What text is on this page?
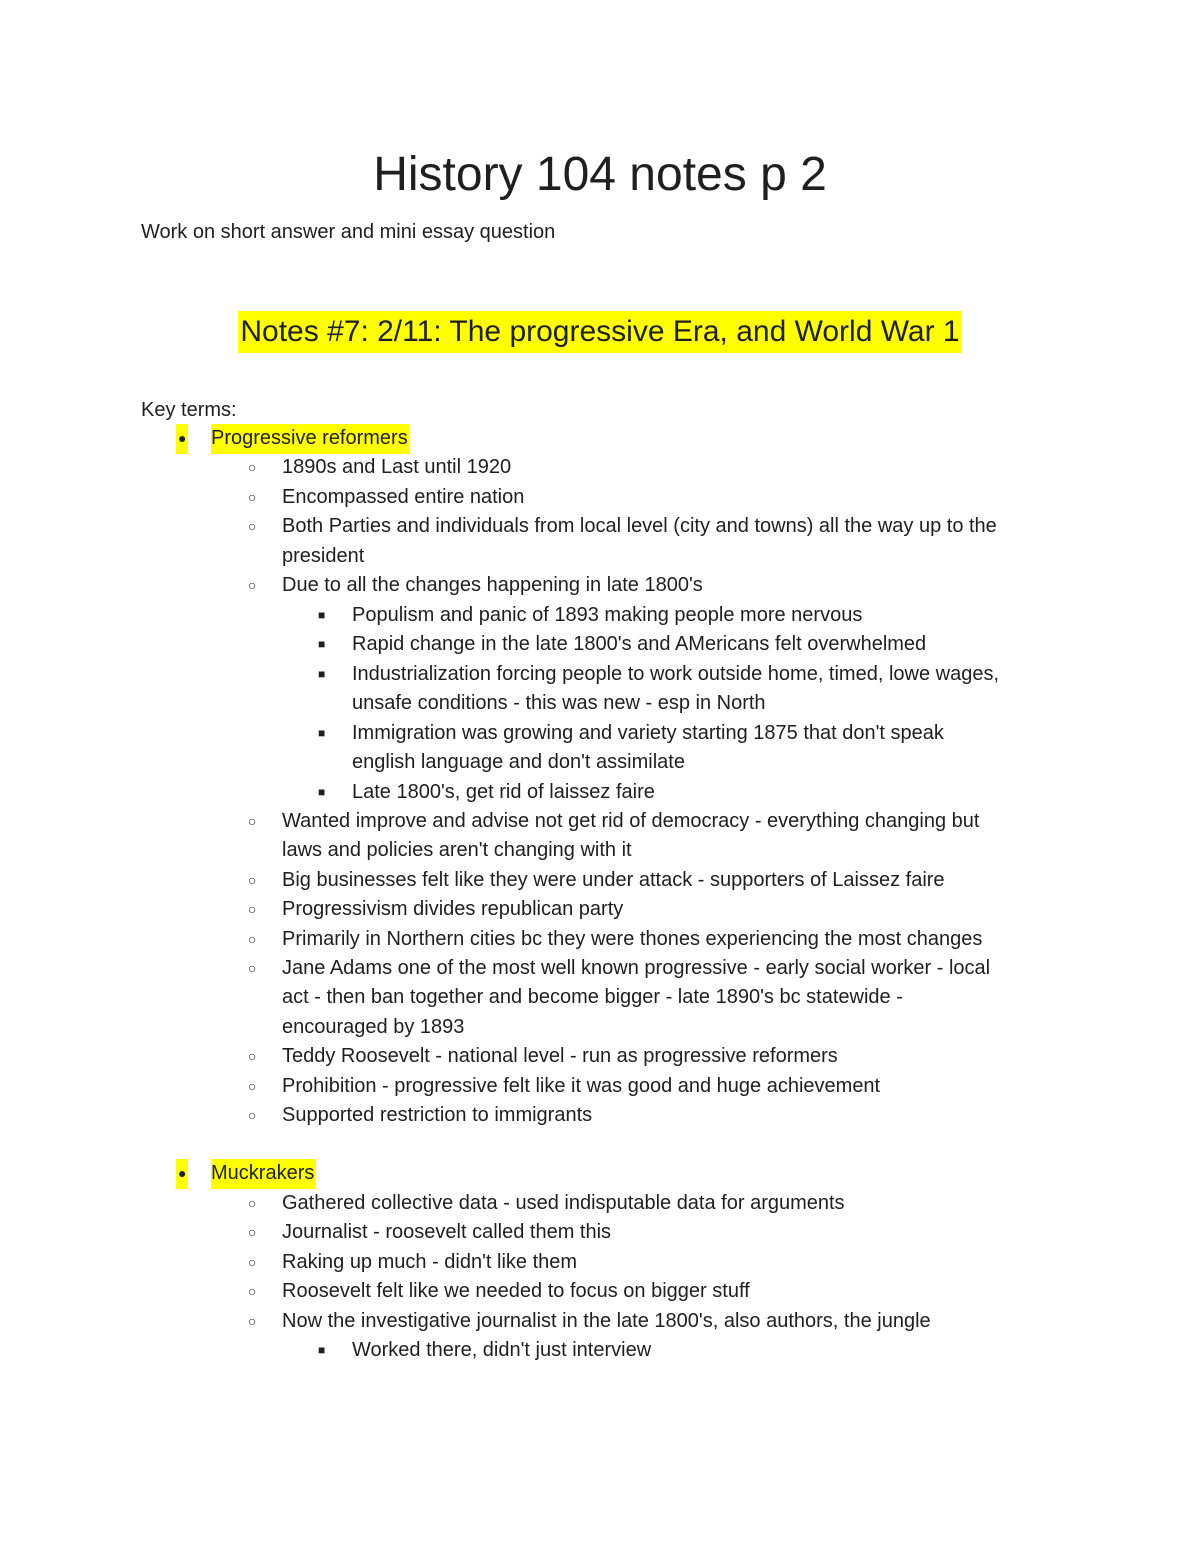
History 104 notes p 2
Work on short answer and mini essay question
Notes #7: 2/11: The progressive Era, and World War 1
Key terms:
● Progressive reformers
○ 1890s and Last until 1920
○ Encompassed entire nation
○ Both Parties and individuals from local level (city and towns) all the way up to the
president
○ Due to all the changes happening in late 1800's
■ Populism and panic of 1893 making people more nervous
■ Rapid change in the late 1800's and AMericans felt overwhelmed
■ Industrialization forcing people to work outside home, timed, lowe wages,
unsafe conditions - this was new - esp in North
■ Immigration was growing and variety starting 1875 that don't speak
english language and don't assimilate
■ Late 1800's, get rid of laissez faire
○ Wanted improve and advise not get rid of democracy - everything changing but
laws and policies aren't changing with it
○ Big businesses felt like they were under attack - supporters of Laissez faire
○ Progressivism divides republican party
○ Primarily in Northern cities bc they were thones experiencing the most changes
○ Jane Adams one of the most well known progressive - early social worker - local
act - then ban together and become bigger - late 1890's bc statewide -
encouraged by 1893
○ Teddy Roosevelt - national level - run as progressive reformers
○ Prohibition - progressive felt like it was good and huge achievement
○ Supported restriction to immigrants
● Muckrakers
○ Gathered collective data - used indisputable data for arguments
○ Journalist - roosevelt called them this
○ Raking up much - didn't like them
○ Roosevelt felt like we needed to focus on bigger stuff
○ Now the investigative journalist in the late 1800's, also authors, the jungle
■ Worked there, didn't just interview
